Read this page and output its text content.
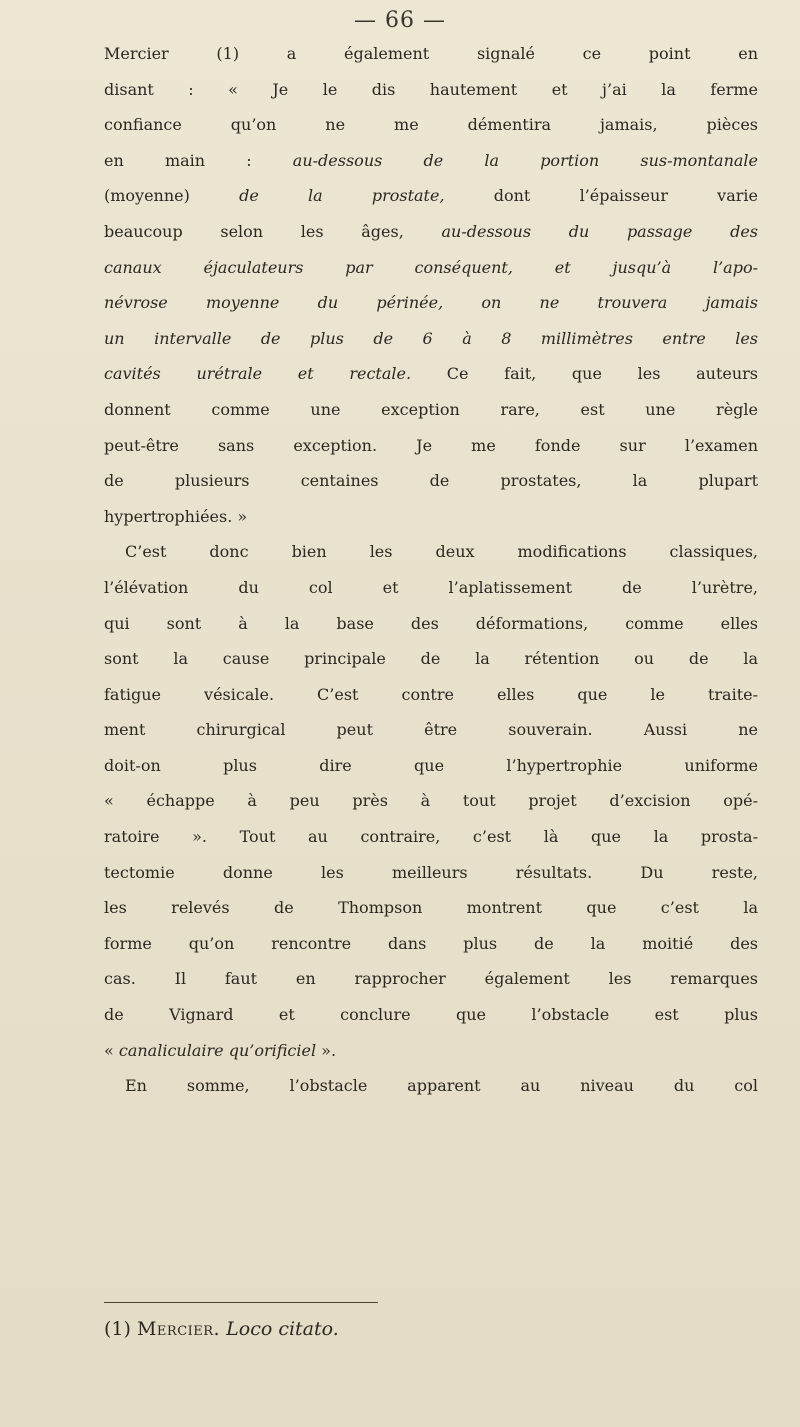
— 66 —
Mercier (1) a également signalé ce point en
disant : « Je le dis hautement et j’ai la ferme
confiance qu’on ne me démentira jamais, pièces
en main : au-dessous de la portion sus-montanale
(moyenne) de la prostate, dont l’épaisseur varie
beaucoup selon les âges, au-dessous du passage des
canaux éjaculateurs par conséquent, et jusqu’à l’apo-
névrose moyenne du périnée, on ne trouvera jamais
un intervalle de plus de 6 à 8 millimètres entre les
cavités urétrale et rectale. Ce fait, que les auteurs
donnent comme une exception rare, est une règle
peut-être sans exception. Je me fonde sur l’examen
de plusieurs centaines de prostates, la plupart
hypertrophiées. »
C’est donc bien les deux modifications classiques,
l’élévation du col et l’aplatissement de l’urètre,
qui sont à la base des déformations, comme elles
sont la cause principale de la rétention ou de la
fatigue vésicale. C’est contre elles que le traite-
ment chirurgical peut être souverain. Aussi ne
doit-on plus dire que l’hypertrophie uniforme
« échappe à peu près à tout projet d’excision opé-
ratoire ». Tout au contraire, c’est là que la prosta-
tectomie donne les meilleurs résultats. Du reste,
les relevés de Thompson montrent que c’est la
forme qu’on rencontre dans plus de la moitié des
cas. Il faut en rapprocher également les remarques
de Vignard et conclure que l’obstacle est plus
« canaliculaire qu’orificiel ».
En somme, l’obstacle apparent au niveau du col
(1) Mercier. Loco citato.
